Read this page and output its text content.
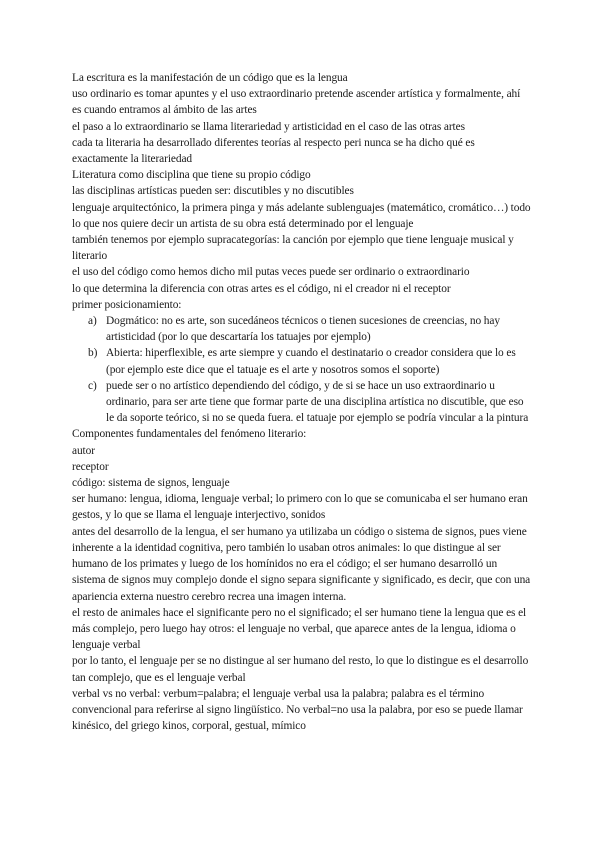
La escritura es la manifestación de un código que es la lengua

uso ordinario es tomar apuntes y el uso extraordinario pretende ascender artística y formalmente, ahí es cuando entramos al ámbito de las artes

el paso a lo extraordinario se llama literariedad y artisticidad en el caso de las otras artes

cada ta literaria ha desarrollado diferentes teorías al respecto peri nunca se ha dicho qué es exactamente la literariedad

Literatura como disciplina que tiene su propio código

las disciplinas artísticas pueden ser: discutibles y no discutibles

lenguaje arquitectónico, la primera pinga y más adelante sublenguajes (matemático, cromático…) todo lo que nos quiere decir un artista de su obra está determinado por el lenguaje

también tenemos por ejemplo supracategorías: la canción por ejemplo que tiene lenguaje musical y literario

el uso del código como hemos dicho mil putas veces puede ser ordinario o extraordinario

lo que determina la diferencia con otras artes es el código, ni el creador ni el receptor

primer posicionamiento:

a) Dogmático: no es arte, son sucedáneos técnicos o tienen sucesiones de creencias, no hay artisticidad (por lo que descartaría los tatuajes por ejemplo)
b) Abierta: hiperflexible, es arte siempre y cuando el destinatario o creador considera que lo es (por ejemplo este dice que el tatuaje es el arte y nosotros somos el soporte)
c) puede ser o no artístico dependiendo del código, y de si se hace un uso extraordinario u ordinario, para ser arte tiene que formar parte de una disciplina artística no discutible, que eso le da soporte teórico, si no se queda fuera. el tatuaje por ejemplo se podría vincular a la pintura

Componentes fundamentales del fenómeno literario:

autor

receptor

código: sistema de signos, lenguaje

ser humano: lengua, idioma, lenguaje verbal; lo primero con lo que se comunicaba el ser humano eran gestos, y lo que se llama el lenguaje interjectivo, sonidos

antes del desarrollo de la lengua, el ser humano ya utilizaba un código o sistema de signos, pues viene inherente a la identidad cognitiva, pero también lo usaban otros animales: lo que distingue al ser humano de los primates y luego de los homínidos no era el código; el ser humano desarrolló un sistema de signos muy complejo donde el signo separa significante y significado, es decir, que con una apariencia externa nuestro cerebro recrea una imagen interna.

el resto de animales hace el significante pero no el significado; el ser humano tiene la lengua que es el más complejo, pero luego hay otros: el lenguaje no verbal, que aparece antes de la lengua, idioma o lenguaje verbal

por lo tanto, el lenguaje per se no distingue al ser humano del resto, lo que lo distingue es el desarrollo tan complejo, que es el lenguaje verbal

verbal vs no verbal: verbum=palabra; el lenguaje verbal usa la palabra; palabra es el término convencional para referirse al signo lingüístico. No verbal=no usa la palabra, por eso se puede llamar kinésico, del griego kinos, corporal, gestual, mímico
